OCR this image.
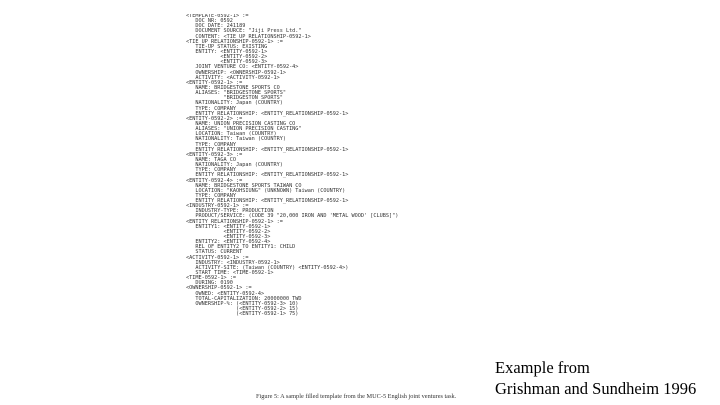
<TEMPLATE-0592-1> :=
DOC NR: 0592
DOC DATE: 241189
DOCUMENT SOURCE: "Jiji Press Ltd."
CONTENT: <TIE_UP_RELATIONSHIP-0592-1>
<TIE_UP_RELATIONSHIP-0592-1> :=
TIE-UP STATUS: EXISTING
ENTITY: <ENTITY-0592-1>
<ENTITY-0592-2>
<ENTITY-0592-3>
JOINT VENTURE CO: <ENTITY-0592-4>
OWNERSHIP: <OWNERSHIP-0592-1>
ACTIVITY: <ACTIVITY-0592-1>
<ENTITY-0592-1> :=
NAME: BRIDGESTONE SPORTS CO
ALIASES: "BRIDGESTONE SPORTS"
"BRIDGESTON SPORTS"
NATIONALITY: Japan (COUNTRY)
TYPE: COMPANY
ENTITY RELATIONSHIP: <ENTITY_RELATIONSHIP-0592-1>
<ENTITY-0592-2> :=
NAME: UNION PRECISION CASTING CO
ALIASES: "UNION PRECISION CASTING"
LOCATION: Taiwan (COUNTRY)
NATIONALITY: Taiwan (COUNTRY)
TYPE: COMPANY
ENTITY RELATIONSHIP: <ENTITY_RELATIONSHIP-0592-1>
<ENTITY-0592-3> :=
NAME: TAGA CO
NATIONALITY: Japan (COUNTRY)
TYPE: COMPANY
ENTITY RELATIONSHIP: <ENTITY_RELATIONSHIP-0592-1>
<ENTITY-0592-4> :=
NAME: BRIDGESTONE SPORTS TAIWAN CO
LOCATION: "KAOHSIUNG" (UNKNOWN) Taiwan (COUNTRY)
TYPE: COMPANY
ENTITY RELATIONSHIP: <ENTITY_RELATIONSHIP-0592-1>
<INDUSTRY-0592-1> :=
INDUSTRY-TYPE: PRODUCTION
PRODUCT/SERVICE: (CODE 39 "20,000 IRON AND 'METAL WOOD' [CLUBS]")
<ENTITY_RELATIONSHIP-0592-1> :=
ENTITY1: <ENTITY-0592-1>
<ENTITY-0592-2>
<ENTITY-0592-3>
ENTITY2: <ENTITY-0592-4>
REL OF ENTITY2 TO ENTITY1: CHILD
STATUS: CURRENT
<ACTIVITY-0592-1> :=
INDUSTRY: <INDUSTRY-0592-1>
ACTIVITY-SITE: (Taiwan (COUNTRY) <ENTITY-0592-4>)
START TIME: <TIME-0592-1>
<TIME-0592-1> :=
DURING: 0190
<OWNERSHIP-0592-1> :=
OWNED: <ENTITY-0592-4>
TOTAL-CAPITALIZATION: 20000000 TWD
OWNERSHIP-%: (<ENTITY-0592-3> 10)
(<ENTITY-0592-2> 15)
(<ENTITY-0592-1> 75)
Figure 5: A sample filled template from the MUC-5 English joint ventures task.
Example from
Grishman and Sundheim 1996
